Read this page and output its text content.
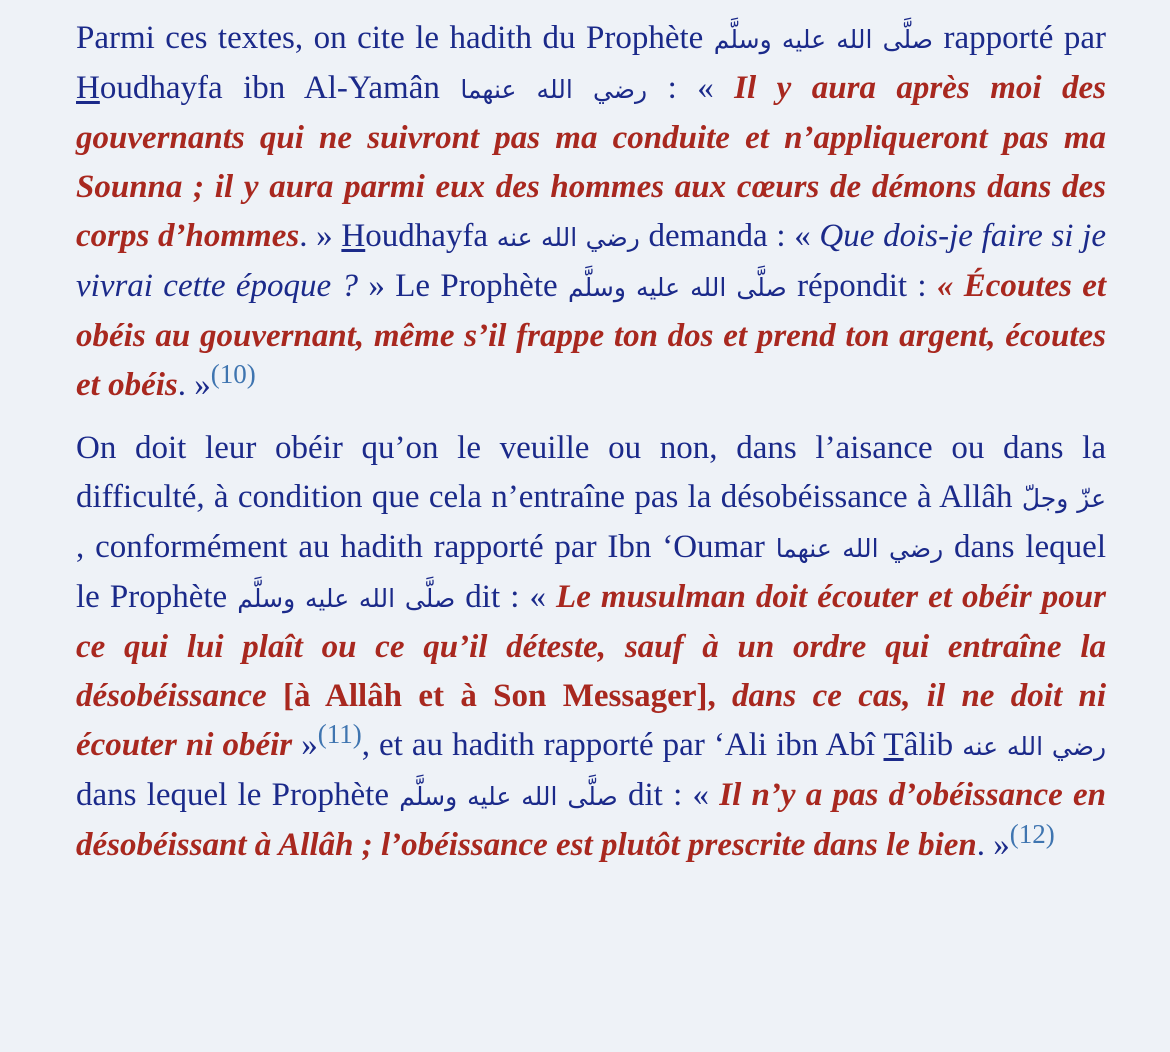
Parmi ces textes, on cite le hadith du Prophète صلَّى الله عليه وسلَّم rapporté par Houdhayfa ibn Al-Yamân رضي الله عنهما : « Il y aura après moi des gouvernants qui ne suivront pas ma conduite et n’appliqueront pas ma Sounna ; il y aura parmi eux des hommes aux cœurs de démons dans des corps d’hommes. » Houdhayfa رضي الله عنه demanda : « Que dois-je faire si je vivrai cette époque ? » Le Prophète صلَّى الله عليه وسلَّم répondit : « Écoutes et obéis au gouvernant, même s’il frappe ton dos et prend ton argent, écoutes et obéis. »$^{(10)}$

On doit leur obéir qu’on le veuille ou non, dans l’aisance ou dans la difficulté, à condition que cela n’entraîne pas la désobéissance à Allâh عزّ وجلّ , conformément au hadith rapporté par Ibn ‘Oumar رضي الله عنهما dans lequel le Prophète صلَّى الله عليه وسلَّم dit : « Le musulman doit écouter et obéir pour ce qui lui plaît ou ce qu’il déteste, sauf à un ordre qui entraîne la désobéissance [à Allâh et à Son Messager], dans ce cas, il ne doit ni écouter ni obéir »$^{(11)}$, et au hadith rapporté par ‘Ali ibn Abî Tâlib رضي الله عنه dans lequel le Prophète صلَّى الله عليه وسلَّم dit : « Il n’y a pas d’obéissance en désobéissant à Allâh ; l’obéissance est plutôt prescrite dans le bien. »$^{(12)}$
